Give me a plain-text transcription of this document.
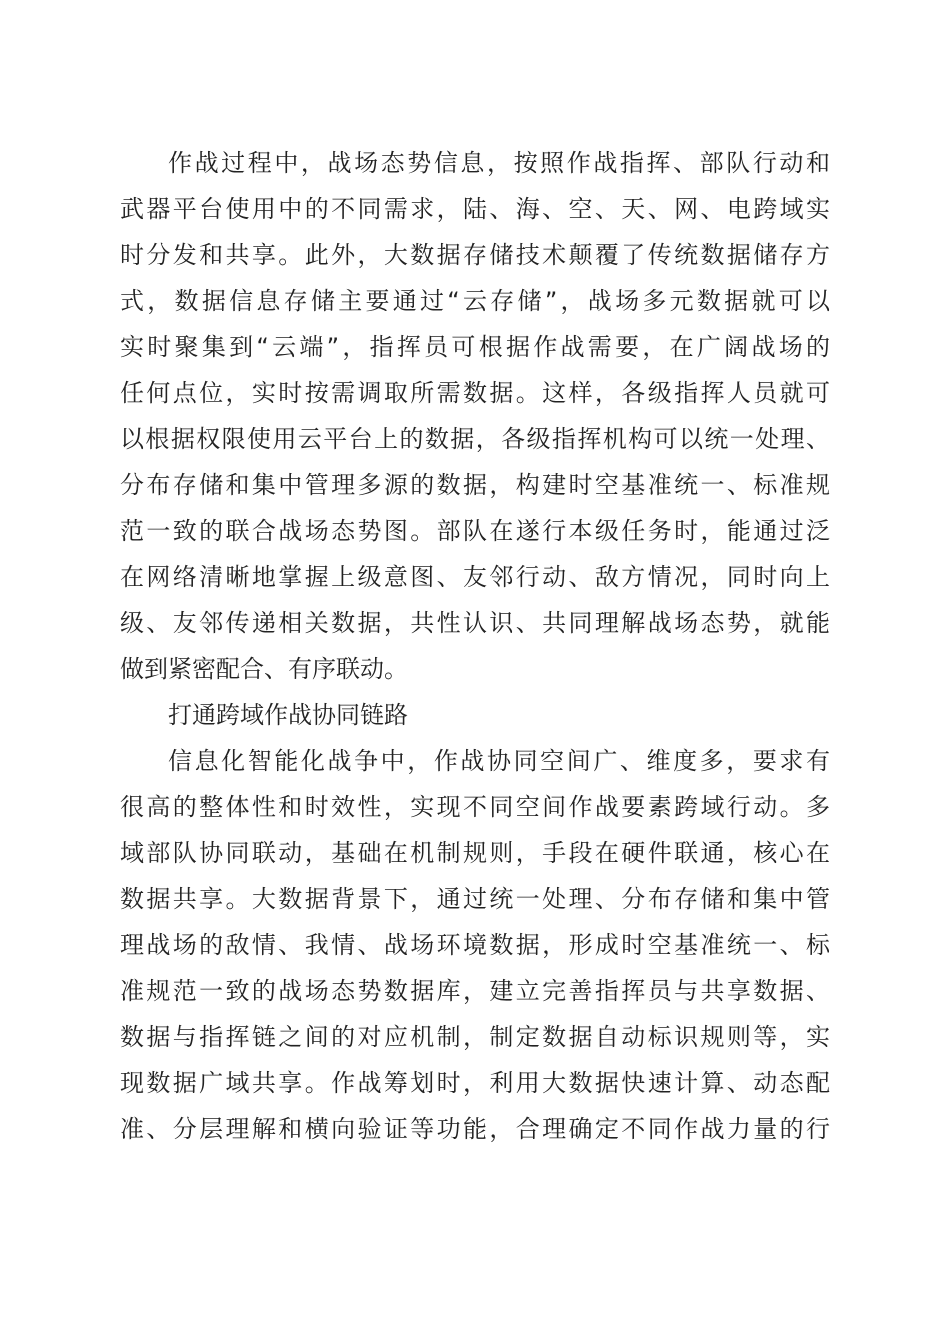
作战过程中，战场态势信息，按照作战指挥、部队行动和
武器平台使用中的不同需求，陆、海、空、天、网、电跨域实
时分发和共享。此外，大数据存储技术颠覆了传统数据储存方
式，数据信息存储主要通过“云存储”，战场多元数据就可以
实时聚集到“云端”，指挥员可根据作战需要，在广阔战场的
任何点位，实时按需调取所需数据。这样，各级指挥人员就可
以根据权限使用云平台上的数据，各级指挥机构可以统一处理、
分布存储和集中管理多源的数据，构建时空基准统一、标准规
范一致的联合战场态势图。部队在遂行本级任务时，能通过泛
在网络清晰地掌握上级意图、友邻行动、敌方情况，同时向上
级、友邻传递相关数据，共性认识、共同理解战场态势，就能
做到紧密配合、有序联动。
打通跨域作战协同链路
信息化智能化战争中，作战协同空间广、维度多，要求有
很高的整体性和时效性，实现不同空间作战要素跨域行动。多
域部队协同联动，基础在机制规则，手段在硬件联通，核心在
数据共享。大数据背景下，通过统一处理、分布存储和集中管
理战场的敌情、我情、战场环境数据，形成时空基准统一、标
准规范一致的战场态势数据库，建立完善指挥员与共享数据、
数据与指挥链之间的对应机制，制定数据自动标识规则等，实
现数据广域共享。作战筹划时，利用大数据快速计算、动态配
准、分层理解和横向验证等功能，合理确定不同作战力量的行
